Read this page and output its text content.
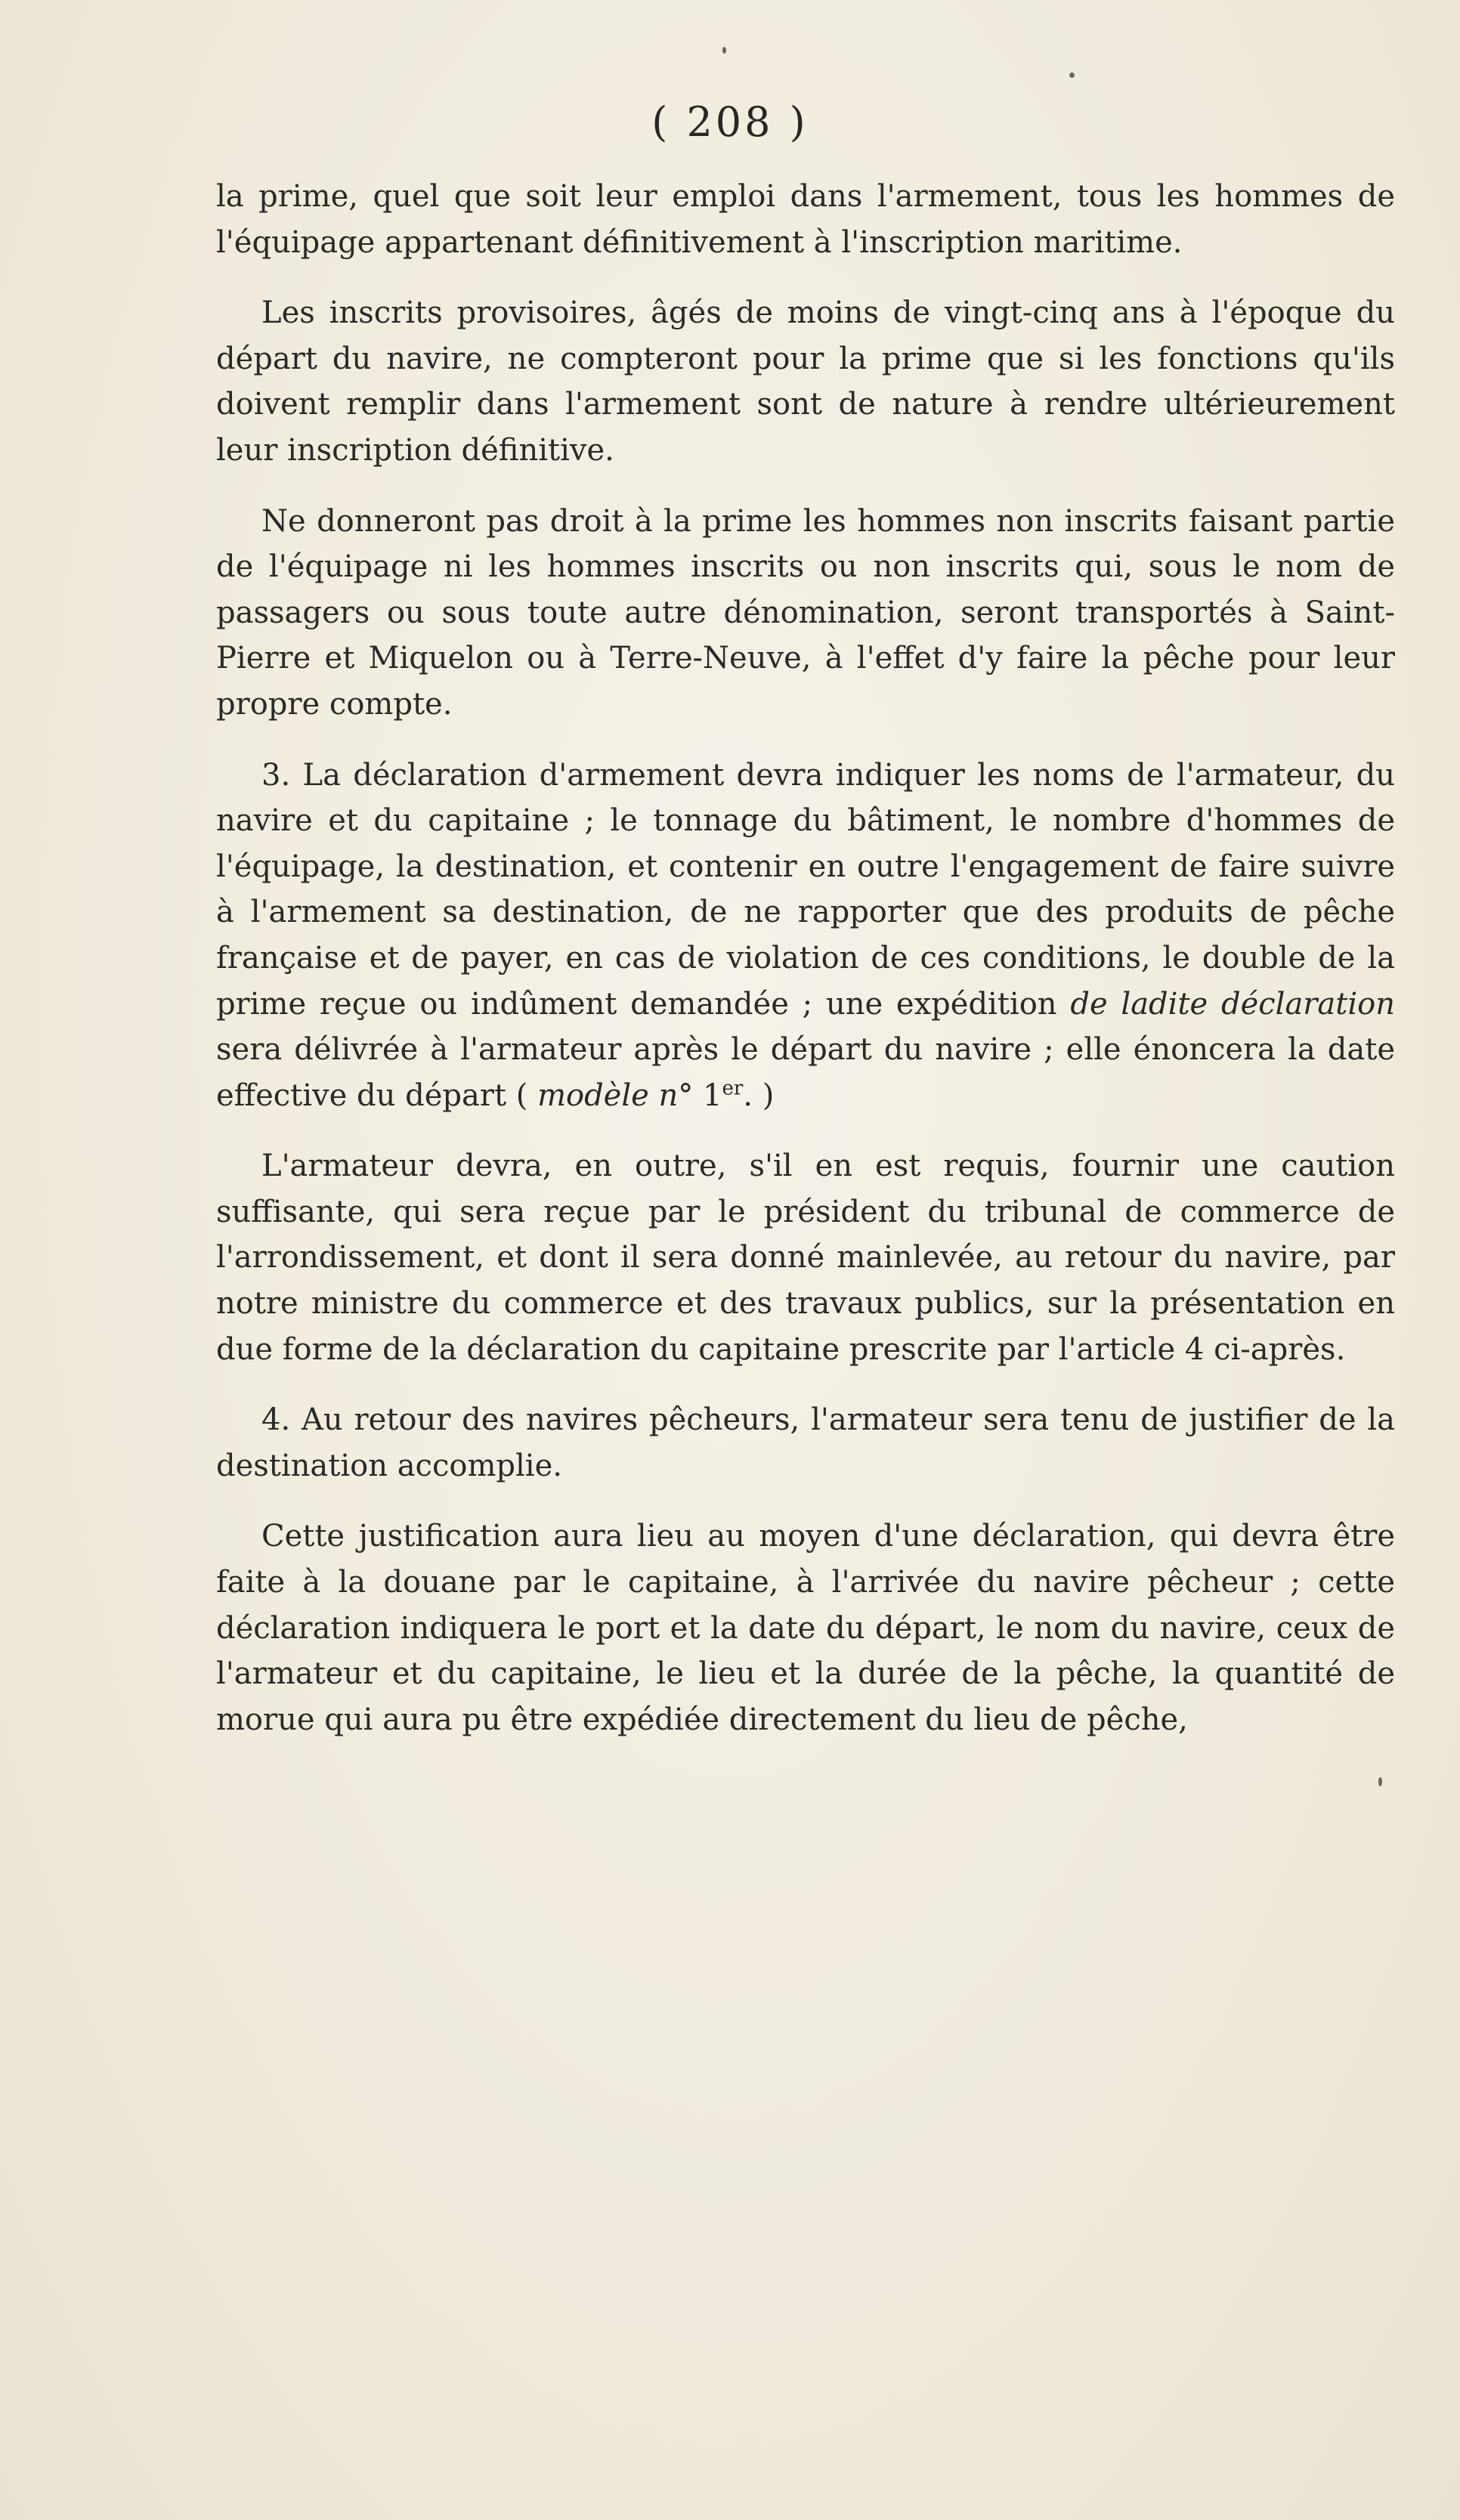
( 208 )

la prime, quel que soit leur emploi dans l'armement, tous les hommes de l'équipage appartenant définitivement à l'inscription maritime.

Les inscrits provisoires, âgés de moins de vingt-cinq ans à l'époque du départ du navire, ne compteront pour la prime que si les fonctions qu'ils doivent remplir dans l'armement sont de nature à rendre ultérieurement leur inscription définitive.

Ne donneront pas droit à la prime les hommes non inscrits faisant partie de l'équipage ni les hommes inscrits ou non inscrits qui, sous le nom de passagers ou sous toute autre dénomination, seront transportés à Saint-Pierre et Miquelon ou à Terre-Neuve, à l'effet d'y faire la pêche pour leur propre compte.

3. La déclaration d'armement devra indiquer les noms de l'armateur, du navire et du capitaine ; le tonnage du bâtiment, le nombre d'hommes de l'équipage, la destination, et contenir en outre l'engagement de faire suivre à l'armement sa destination, de ne rapporter que des produits de pêche française et de payer, en cas de violation de ces conditions, le double de la prime reçue ou indûment demandée ; une expédition de ladite déclaration sera délivrée à l'armateur après le départ du navire ; elle énoncera la date effective du départ ( modèle n° 1er. )

L'armateur devra, en outre, s'il en est requis, fournir une caution suffisante, qui sera reçue par le président du tribunal de commerce de l'arrondissement, et dont il sera donné mainlevée, au retour du navire, par notre ministre du commerce et des travaux publics, sur la présentation en due forme de la déclaration du capitaine prescrite par l'article 4 ci-après.

4. Au retour des navires pêcheurs, l'armateur sera tenu de justifier de la destination accomplie.

Cette justification aura lieu au moyen d'une déclaration, qui devra être faite à la douane par le capitaine, à l'arrivée du navire pêcheur ; cette déclaration indiquera le port et la date du départ, le nom du navire, ceux de l'armateur et du capitaine, le lieu et la durée de la pêche, la quantité de morue qui aura pu être expédiée directement du lieu de pêche,
